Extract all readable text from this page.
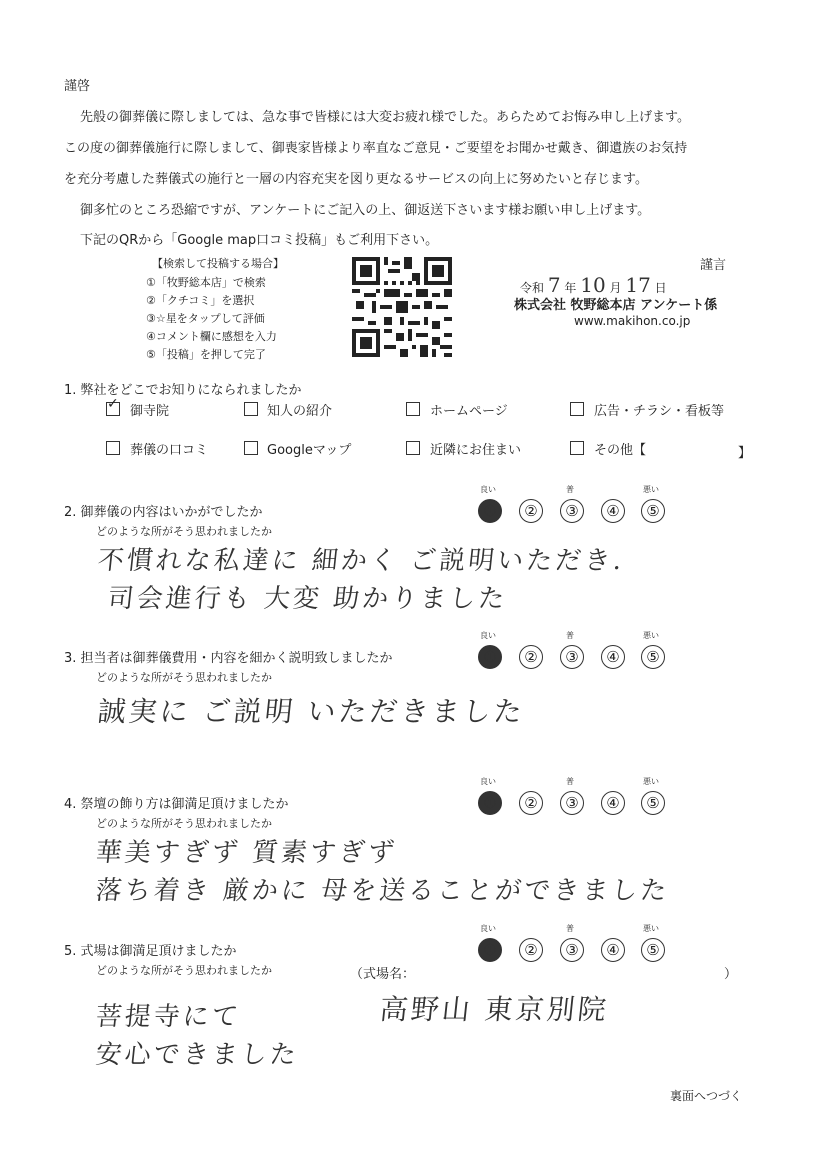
謹啓
先般の御葬儀に際しましては、急な事で皆様には大変お疲れ様でした。あらためてお悔み申し上げます。
この度の御葬儀施行に際しまして、御喪家皆様より率直なご意見・ご要望をお聞かせ戴き、御遺族のお気持
を充分考慮した葬儀式の施行と一層の内容充実を図り更なるサービスの向上に努めたいと存じます。
御多忙のところ恐縮ですが、アンケートにご記入の上、御返送下さいます様お願い申し上げます。
下記のQRから「Google map口コミ投稿」もご利用下さい。
謹言
【検索して投稿する場合】
①「牧野総本店」で検索
②「クチコミ」を選択
③☆星をタップして評価
④コメント欄に感想を入力
⑤「投稿」を押して完了
令和 7 年 10 月 17 日
株式会社 牧野総本店 アンケート係
www.makihon.co.jp
1. 弊社をどこでお知りになられましたか
✓ 御寺院	知人の紹介	ホームページ	広告・チラシ・看板等
葬儀の口コミ	Googleマップ	近隣にお住まい	その他【	】
2. 御葬儀の内容はいかがでしたか
どのような所がそう思われましたか
良い	普	悪い
①	②	③	④	⑤
不慣れな私達に 細かく ご説明いただき.
司会進行も 大変 助かりました
3. 担当者は御葬儀費用・内容を細かく説明致しましたか
どのような所がそう思われましたか
良い	普	悪い
①	②	③	④	⑤
誠実に ご説明 いただきました
4. 祭壇の飾り方は御満足頂けましたか
どのような所がそう思われましたか
良い	普	悪い
①	②	③	④	⑤
華美すぎず 質素すぎず
落ち着き 厳かに 母を送ることができました
5. 式場は御満足頂けましたか
どのような所がそう思われましたか
良い	普	悪い
①	②	③	④	⑤
（式場名：	）
高野山 東京別院
菩提寺にて
安心できました
裏面へつづく
